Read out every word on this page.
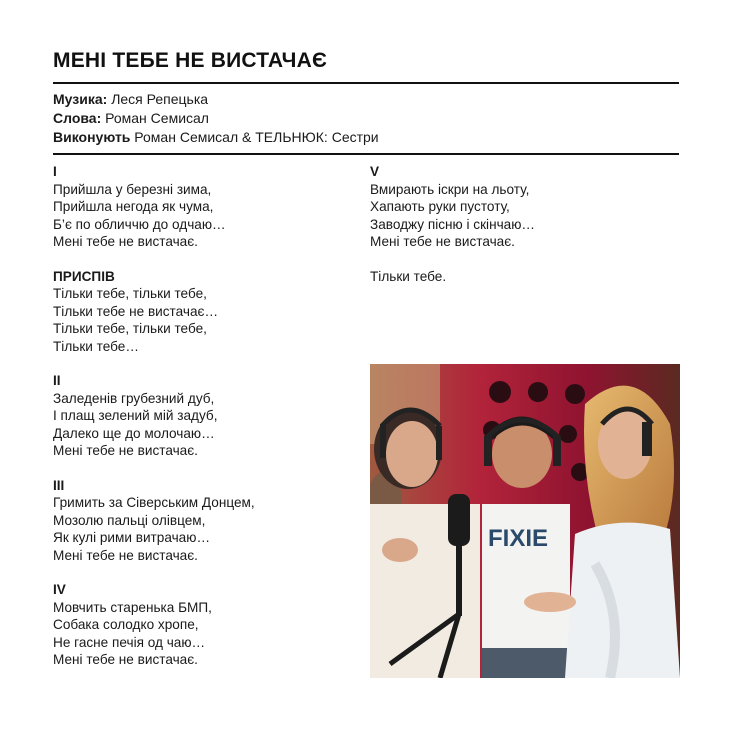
МЕНІ ТЕБЕ НЕ ВИСТАЧАЄ
Музика: Леся Репецька
Слова: Роман Семисал
Виконують Роман Семисал & ТЕЛЬНЮК: Сестри
I
Прийшла у березні зима,
Прийшла негода як чума,
Б’є по обличчю до одчаю…
Мені тебе не вистачає.
ПРИСПІВ
Тільки тебе, тільки тебе,
Тільки тебе не вистачає…
Тільки тебе, тільки тебе,
Тільки тебе…
II
Заледенів грубезний дуб,
І плащ зелений мій задуб,
Далеко ще до молочаю…
Мені тебе не вистачає.
III
Гримить за Сіверським Донцем,
Мозолю пальці олівцем,
Як кулі рими витрачаю…
Мені тебе не вистачає.
IV
Мовчить старенька БМП,
Собака солодко хропе,
Не гасне печія од чаю…
Мені тебе не вистачає.
V
Вмирають іскри на льоту,
Хапають руки пустоту,
Заводжу пісню і скінчаю…
Мені тебе не вистачає.
Тільки тебе.
FIXIE
